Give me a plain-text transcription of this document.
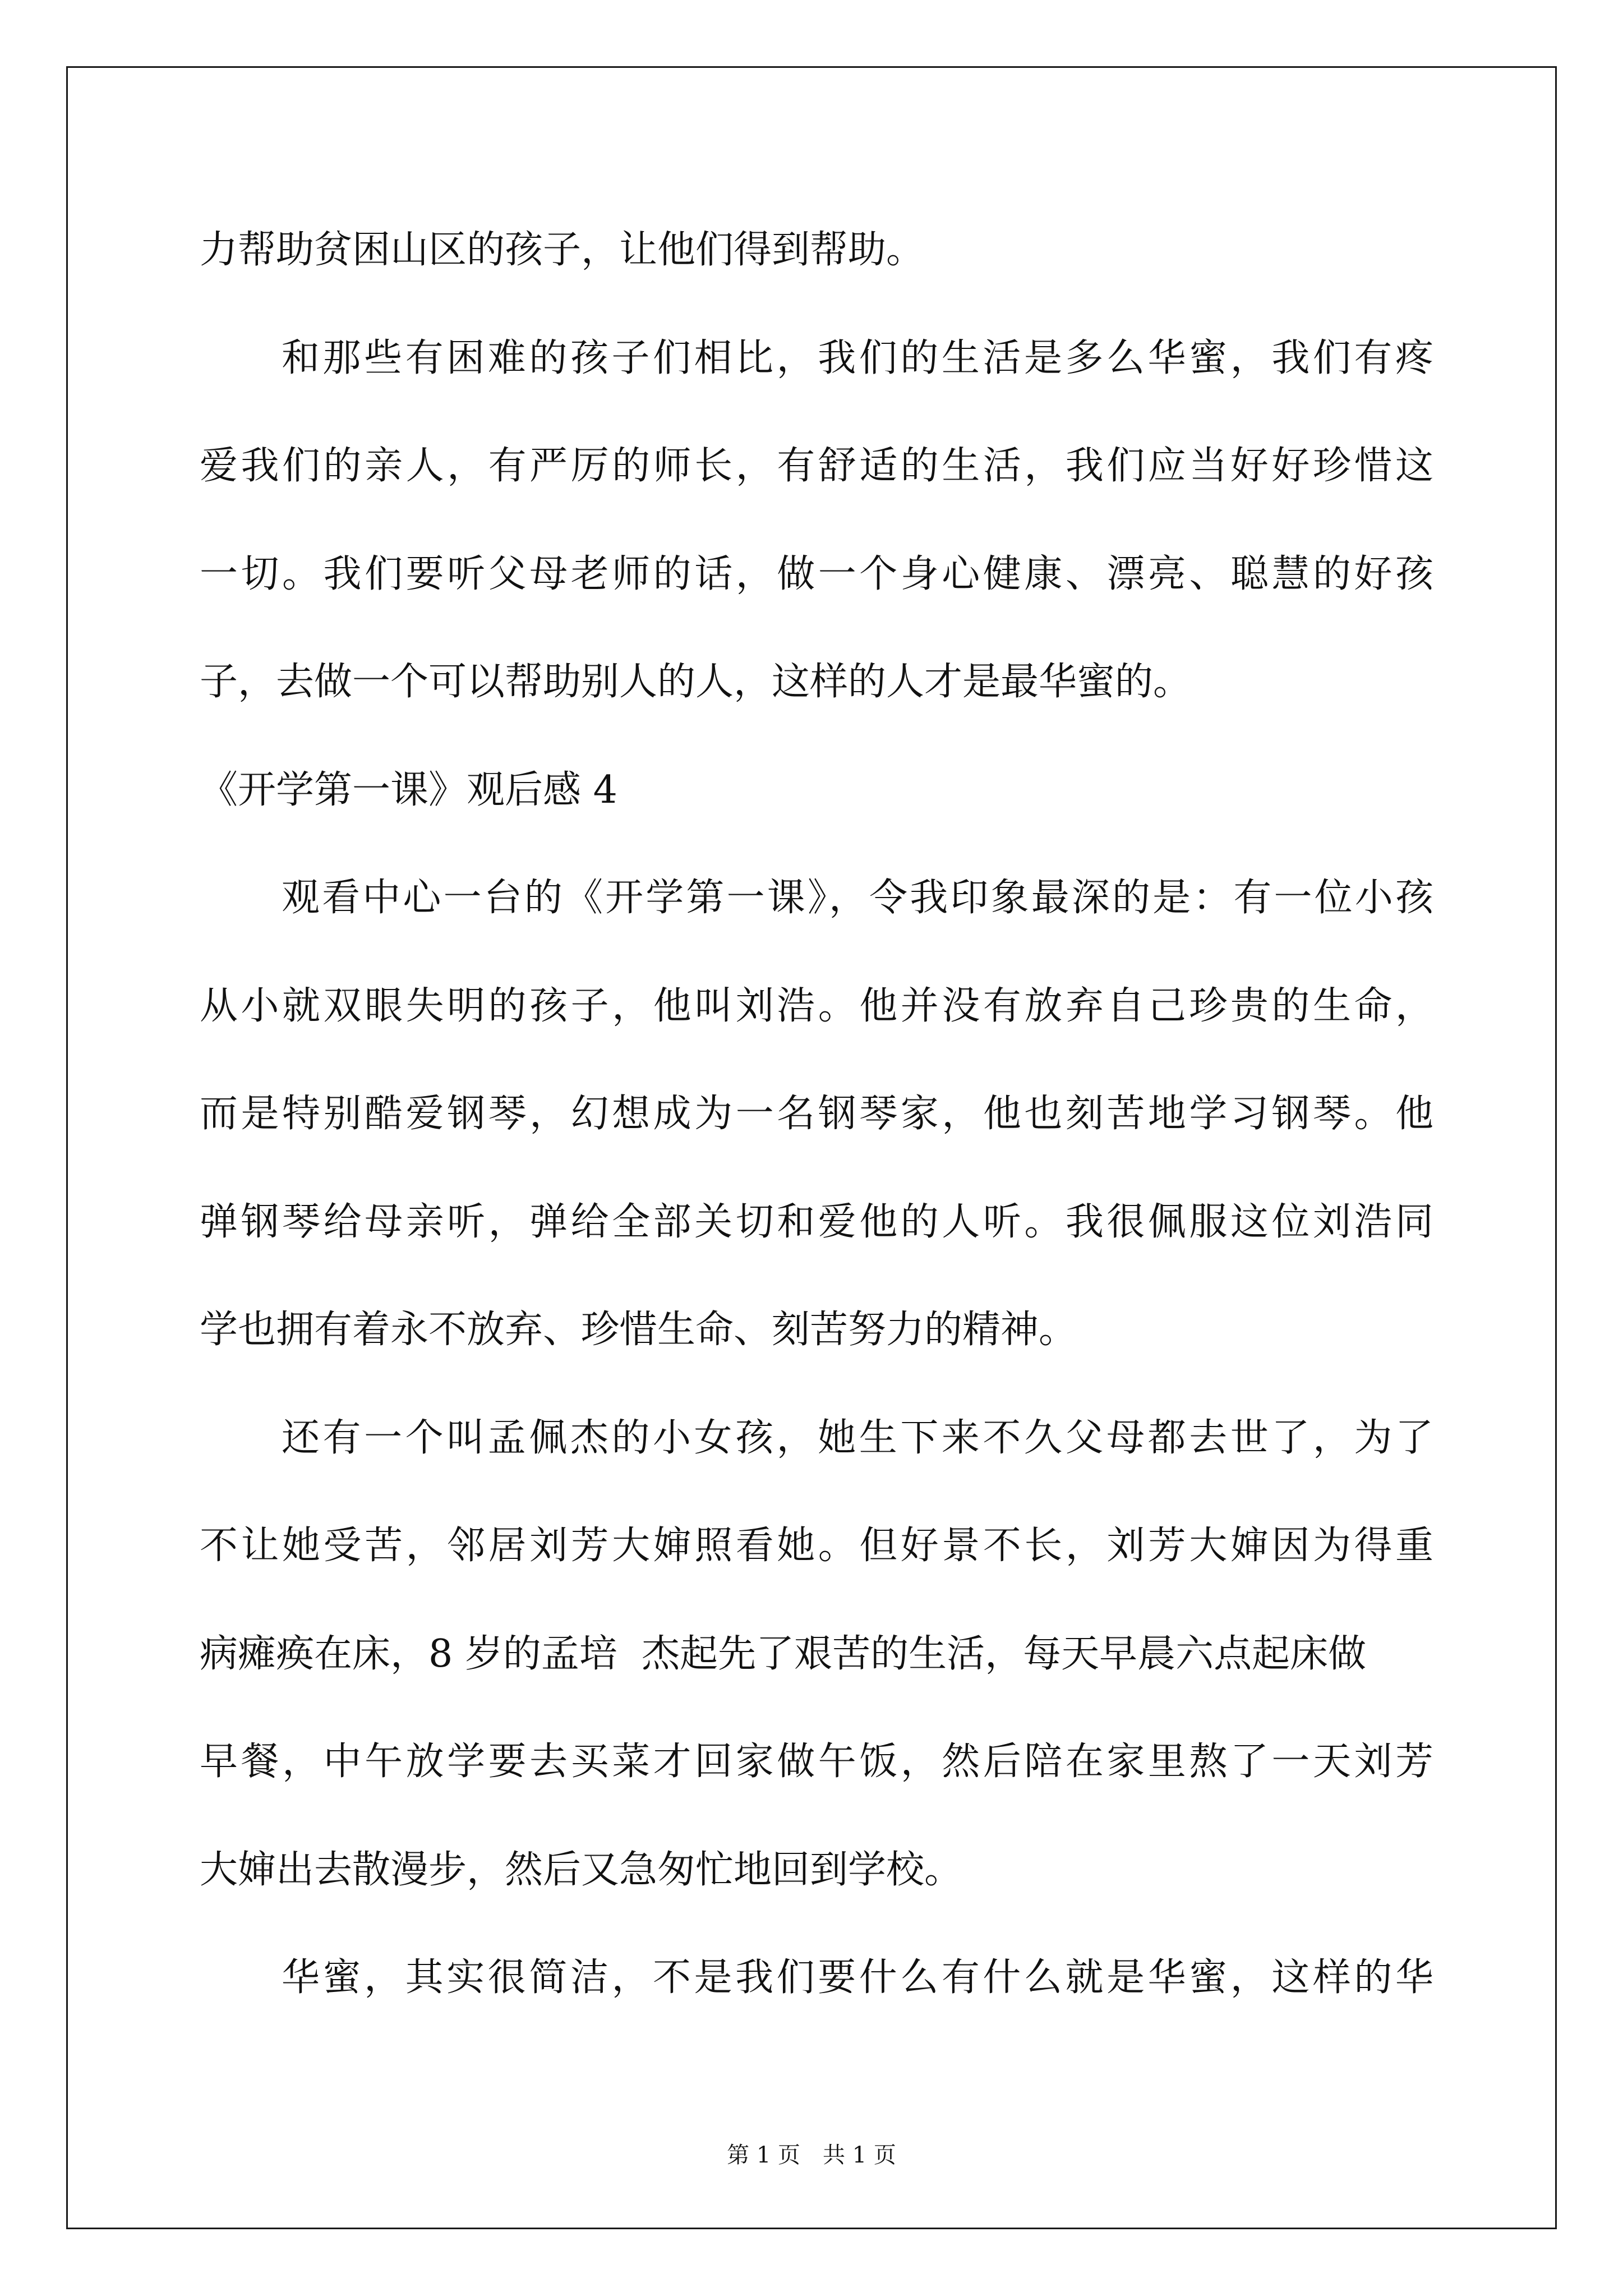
力帮助贫困山区的孩子，让他们得到帮助。
和那些有困难的孩子们相比，我们的生活是多么华蜜，我们有疼
爱我们的亲人，有严厉的师长，有舒适的生活，我们应当好好珍惜这
一切。我们要听父母老师的话，做一个身心健康、漂亮、聪慧的好孩
子，去做一个可以帮助别人的人，这样的人才是最华蜜的。
《开学第一课》观后感 4
观看中心一台的《开学第一课》，令我印象最深的是：有一位小孩
从小就双眼失明的孩子，他叫刘浩。他并没有放弃自己珍贵的生命，
而是特别酷爱钢琴，幻想成为一名钢琴家，他也刻苦地学习钢琴。他
弹钢琴给母亲听，弹给全部关切和爱他的人听。我很佩服这位刘浩同
学也拥有着永不放弃、珍惜生命、刻苦努力的精神。
还有一个叫孟佩杰的小女孩，她生下来不久父母都去世了，为了
不让她受苦，邻居刘芳大婶照看她。但好景不长，刘芳大婶因为得重
病瘫痪在床，8 岁的孟培  杰起先了艰苦的生活，每天早晨六点起床做
早餐，中午放学要去买菜才回家做午饭，然后陪在家里熬了一天刘芳
大婶出去散漫步，然后又急匆忙地回到学校。
华蜜，其实很简洁，不是我们要什么有什么就是华蜜，这样的华
第 1 页　共 1 页
